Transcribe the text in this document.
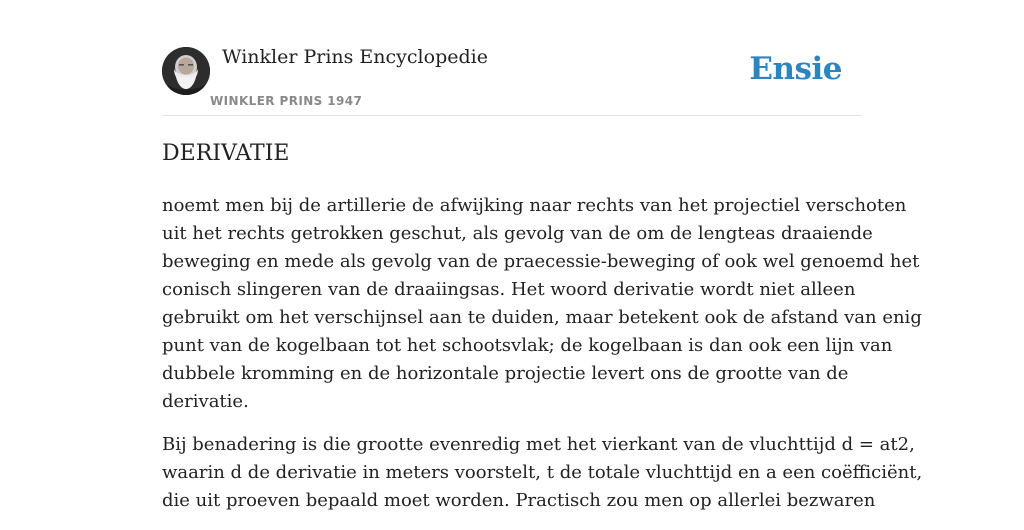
Winkler Prins Encyclopedie
WINKLER PRINS 1947
Ensie
DERIVATIE

noemt men bij de artillerie de afwijking naar rechts van het projectiel verschoten
uit het rechts getrokken geschut, als gevolg van de om de lengteas draaiende
beweging en mede als gevolg van de praecessie-beweging of ook wel genoemd het
conisch slingeren van de draaiingsas. Het woord derivatie wordt niet alleen
gebruikt om het verschijnsel aan te duiden, maar betekent ook de afstand van enig
punt van de kogelbaan tot het schootsvlak; de kogelbaan is dan ook een lijn van
dubbele kromming en de horizontale projectie levert ons de grootte van de
derivatie.

Bij benadering is die grootte evenredig met het vierkant van de vluchttijd d = at2,
waarin d de derivatie in meters voorstelt, t de totale vluchttijd en a een coëfficiënt,
die uit proeven bepaald moet worden. Practisch zou men op allerlei bezwaren
